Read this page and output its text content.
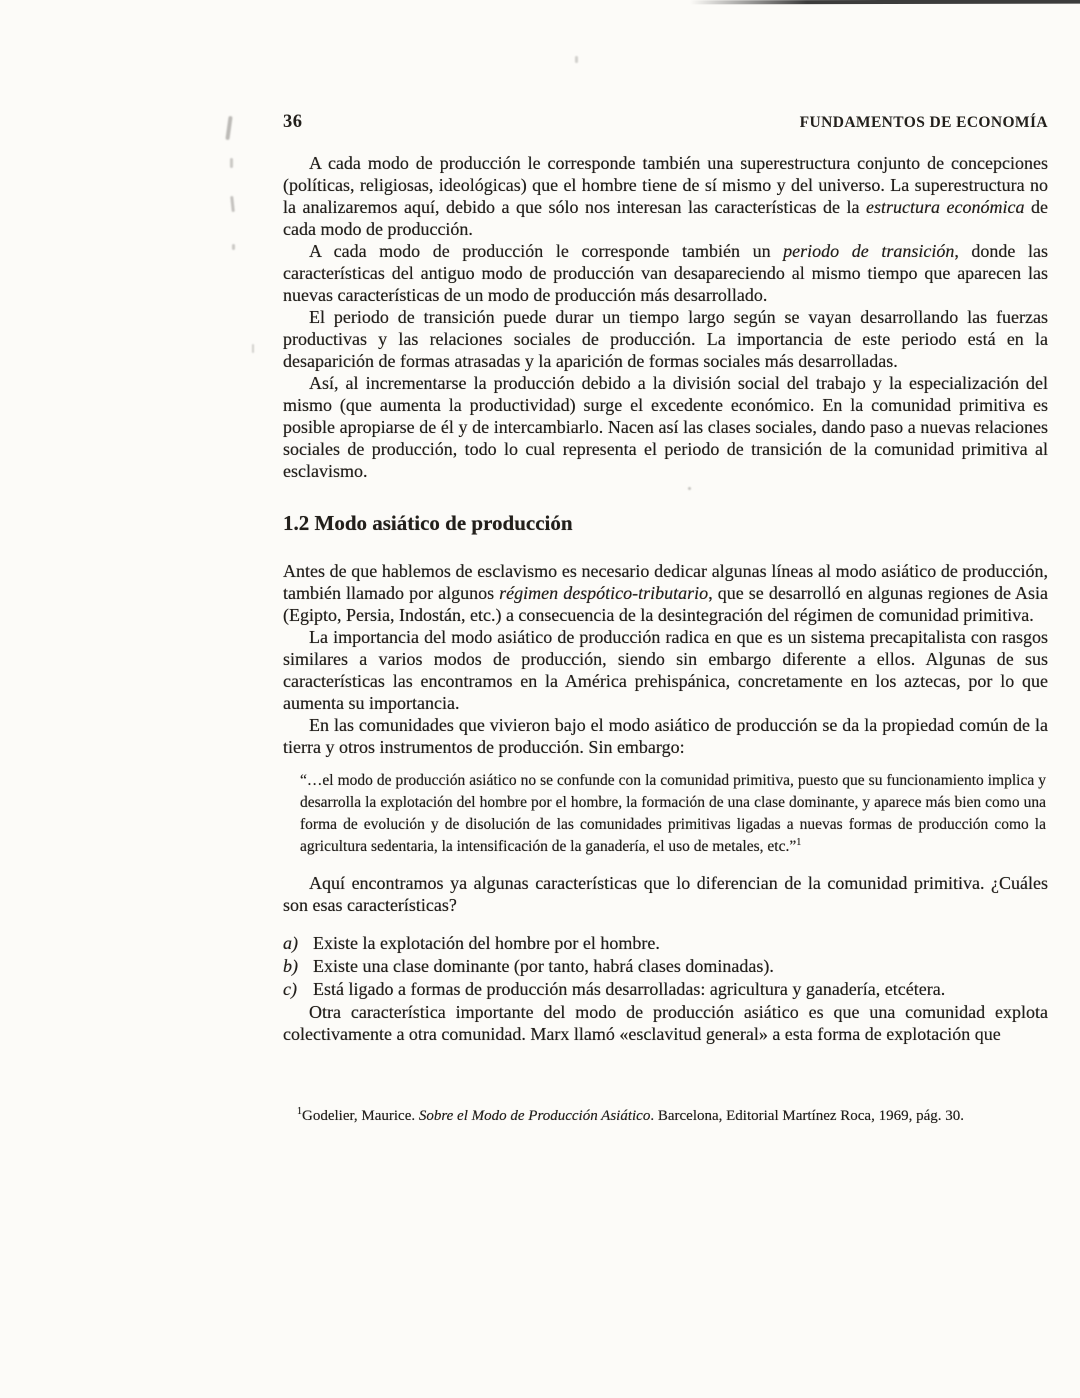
36	FUNDAMENTOS DE ECONOMÍA

A cada modo de producción le corresponde también una superestructura conjunto de concepciones (políticas, religiosas, ideológicas) que el hombre tiene de sí mismo y del universo. La superestructura no la analizaremos aquí, debido a que sólo nos interesan las características de la estructura económica de cada modo de producción.

A cada modo de producción le corresponde también un periodo de transición, donde las características del antiguo modo de producción van desapareciendo al mismo tiempo que aparecen las nuevas características de un modo de producción más desarrollado.

El periodo de transición puede durar un tiempo largo según se vayan desarrollando las fuerzas productivas y las relaciones sociales de producción. La importancia de este periodo está en la desaparición de formas atrasadas y la aparición de formas sociales más desarrolladas.

Así, al incrementarse la producción debido a la división social del trabajo y la especialización del mismo (que aumenta la productividad) surge el excedente económico. En la comunidad primitiva es posible apropiarse de él y de intercambiarlo. Nacen así las clases sociales, dando paso a nuevas relaciones sociales de producción, todo lo cual representa el periodo de transición de la comunidad primitiva al esclavismo.

1.2 Modo asiático de producción

Antes de que hablemos de esclavismo es necesario dedicar algunas líneas al modo asiático de producción, también llamado por algunos régimen despótico-tributario, que se desarrolló en algunas regiones de Asia (Egipto, Persia, Indostán, etc.) a consecuencia de la desintegración del régimen de comunidad primitiva.

La importancia del modo asiático de producción radica en que es un sistema precapitalista con rasgos similares a varios modos de producción, siendo sin embargo diferente a ellos. Algunas de sus características las encontramos en la América prehispánica, concretamente en los aztecas, por lo que aumenta su importancia.

En las comunidades que vivieron bajo el modo asiático de producción se da la propiedad común de la tierra y otros instrumentos de producción. Sin embargo:

“…el modo de producción asiático no se confunde con la comunidad primitiva, puesto que su funcionamiento implica y desarrolla la explotación del hombre por el hombre, la formación de una clase dominante, y aparece más bien como una forma de evolución y de disolución de las comunidades primitivas ligadas a nuevas formas de producción como la agricultura sedentaria, la intensificación de la ganadería, el uso de metales, etc.”$^1$

Aquí encontramos ya algunas características que lo diferencian de la comunidad primitiva. ¿Cuáles son esas características?

a) Existe la explotación del hombre por el hombre.
b) Existe una clase dominante (por tanto, habrá clases dominadas).
c) Está ligado a formas de producción más desarrolladas: agricultura y ganadería, etcétera.

Otra característica importante del modo de producción asiático es que una comunidad explota colectivamente a otra comunidad. Marx llamó «esclavitud general» a esta forma de explotación que

$^1$Godelier, Maurice. Sobre el Modo de Producción Asiático. Barcelona, Editorial Martínez Roca, 1969, pág. 30.
